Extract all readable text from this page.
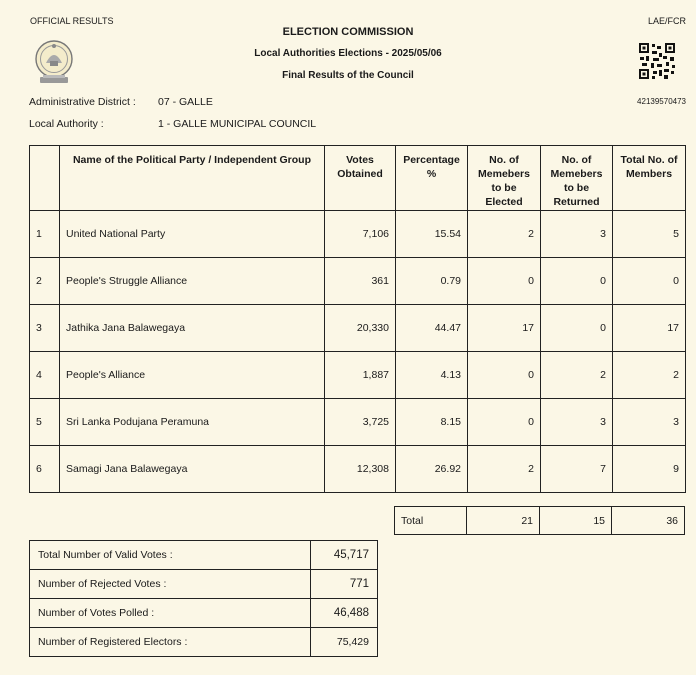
OFFICIAL RESULTS	LAE/FCR
ELECTION COMMISSION
Local Authorities Elections - 2025/05/06
Final Results of the Council
42139570473
Administrative District : 07 - GALLE
Local Authority :	1 - GALLE MUNICIPAL COUNCIL
	Name of the Political Party / Independent Group	Votes Obtained	Percentage %	No. of Memebers to be Elected	No. of Memebers to be Returned	Total No. of Members
1	United National Party	7,106	15.54	2	3	5
2	People's Struggle Alliance	361	0.79	0	0	0
3	Jathika Jana Balawegaya	20,330	44.47	17	0	17
4	People's Alliance	1,887	4.13	0	2	2
5	Sri Lanka Podujana Peramuna	3,725	8.15	0	3	3
6	Samagi Jana Balawegaya	12,308	26.92	2	7	9
Total	21	15	36
Total Number of Valid Votes :	45,717
Number of Rejected Votes :	771
Number of Votes Polled :	46,488
Number of Registered Electors :	75,429
